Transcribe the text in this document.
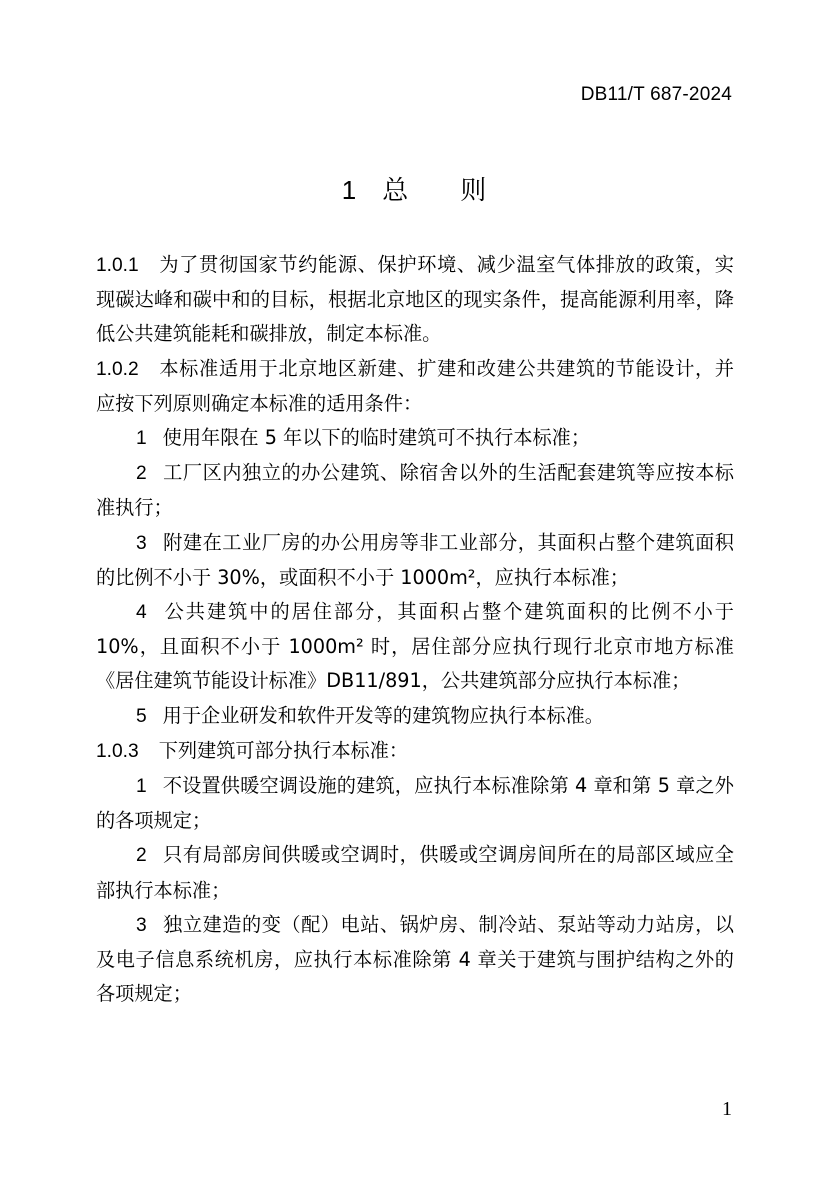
DB11/T 687-2024
1 总 则

1.0.1 为了贯彻国家节约能源、保护环境、减少温室气体排放的政策，实现碳达峰和碳中和的目标，根据北京地区的现实条件，提高能源利用率，降低公共建筑能耗和碳排放，制定本标准。

1.0.2 本标准适用于北京地区新建、扩建和改建公共建筑的节能设计，并应按下列原则确定本标准的适用条件：

1 使用年限在 5 年以下的临时建筑可不执行本标准；

2 工厂区内独立的办公建筑、除宿舍以外的生活配套建筑等应按本标准执行；

3 附建在工业厂房的办公用房等非工业部分，其面积占整个建筑面积的比例不小于 30%，或面积不小于 1000m²，应执行本标准；

4 公共建筑中的居住部分，其面积占整个建筑面积的比例不小于 10%，且面积不小于 1000m² 时，居住部分应执行现行北京市地方标准《居住建筑节能设计标准》DB11/891，公共建筑部分应执行本标准；

5 用于企业研发和软件开发等的建筑物应执行本标准。

1.0.3 下列建筑可部分执行本标准：

1 不设置供暖空调设施的建筑，应执行本标准除第 4 章和第 5 章之外的各项规定；

2 只有局部房间供暖或空调时，供暖或空调房间所在的局部区域应全部执行本标准；

3 独立建造的变（配）电站、锅炉房、制冷站、泵站等动力站房，以及电子信息系统机房，应执行本标准除第 4 章关于建筑与围护结构之外的各项规定；

1
